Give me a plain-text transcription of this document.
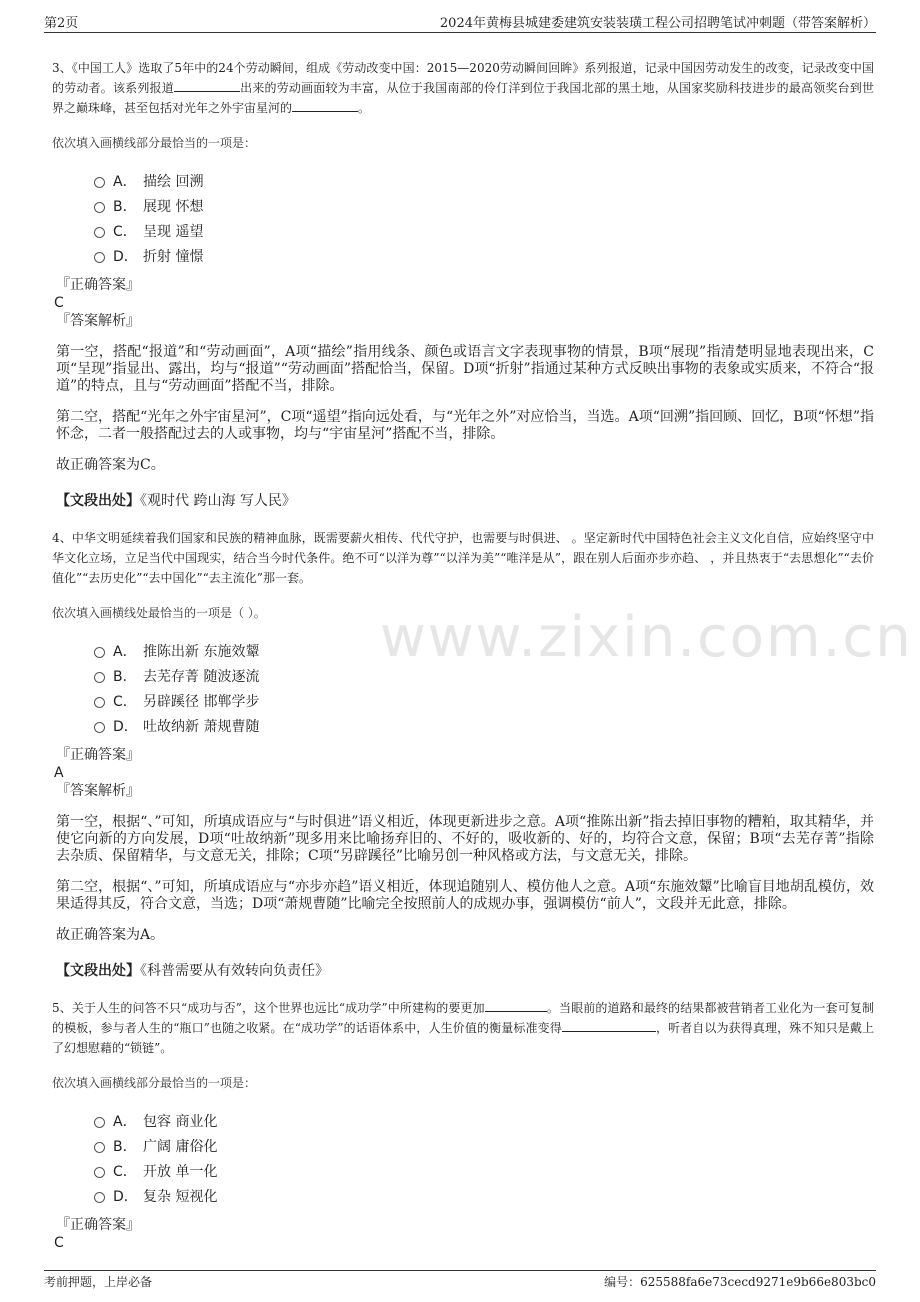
第2页	2024年黄梅县城建委建筑安装装璜工程公司招聘笔试冲刺题（带答案解析）
www.zixin.com.cn

3、《中国工人》选取了5年中的24个劳动瞬间，组成《劳动改变中国：2015—2020劳动瞬间回眸》系列报道，记录中国因劳动发生的改变，记录改变中国的劳动者。该系列报道	出来的劳动画面较为丰富，从位于我国南部的伶仃洋到位于我国北部的黑土地，从国家奖励科技进步的最高领奖台到世界之巅珠峰，甚至包括对光年之外宇宙星河的	。

依次填入画横线部分最恰当的一项是：

A． 描绘 回溯
B． 展现 怀想
C． 呈现 遥望
D． 折射 憧憬
『正确答案』
C
『答案解析』

第一空，搭配“报道”和“劳动画面”，A项“描绘”指用线条、颜色或语言文字表现事物的情景，B项“展现”指清楚明显地表现出来，C项“呈现”指显出、露出，均与“报道”“劳动画面”搭配恰当，保留。D项“折射”指通过某种方式反映出事物的表象或实质来，不符合“报道”的特点，且与“劳动画面”搭配不当，排除。

第二空，搭配“光年之外宇宙星河”，C项“遥望”指向远处看，与“光年之外”对应恰当，当选。A项“回溯”指回顾、回忆，B项“怀想”指怀念，二者一般搭配过去的人或事物，均与“宇宙星河”搭配不当，排除。

故正确答案为C。

【文段出处】《观时代 跨山海 写人民》

4、中华文明延续着我们国家和民族的精神血脉，既需要薪火相传、代代守护，也需要与时俱进、 。坚定新时代中国特色社会主义文化自信，应始终坚守中华文化立场，立足当代中国现实，结合当今时代条件。绝不可“以洋为尊”“以洋为美”“唯洋是从”，跟在别人后面亦步亦趋、 ，并且热衷于“去思想化”“去价值化”“去历史化”“去中国化”“去主流化”那一套。

依次填入画横线处最恰当的一项是（ ）。

A． 推陈出新 东施效颦
B． 去芜存菁 随波逐流
C． 另辟蹊径 邯郸学步
D． 吐故纳新 萧规曹随
『正确答案』
A
『答案解析』

第一空，根据“、”可知，所填成语应与“与时俱进”语义相近，体现更新进步之意。A项“推陈出新”指去掉旧事物的糟粕，取其精华，并使它向新的方向发展，D项“吐故纳新”现多用来比喻扬弃旧的、不好的，吸收新的、好的，均符合文意，保留；B项“去芜存菁”指除去杂质、保留精华，与文意无关，排除；C项“另辟蹊径”比喻另创一种风格或方法，与文意无关，排除。

第二空，根据“、”可知，所填成语应与“亦步亦趋”语义相近，体现追随别人、模仿他人之意。A项“东施效颦”比喻盲目地胡乱模仿，效果适得其反，符合文意，当选；D项“萧规曹随”比喻完全按照前人的成规办事，强调模仿“前人”，文段并无此意，排除。

故正确答案为A。

【文段出处】《科普需要从有效转向负责任》

5、关于人生的问答不只“成功与否”，这个世界也远比“成功学”中所建构的要更加	。当眼前的道路和最终的结果都被营销者工业化为一套可复制的模板，参与者人生的“瓶口”也随之收紧。在“成功学”的话语体系中，人生价值的衡量标准变得	，听者自以为获得真理，殊不知只是戴上了幻想慰藉的“锁链”。

依次填入画横线部分最恰当的一项是：

A． 包容 商业化
B． 广阔 庸俗化
C． 开放 单一化
D． 复杂 短视化
『正确答案』
C
考前押题，上岸必备	编号：625588fa6e73cecd9271e9b66e803bc0
